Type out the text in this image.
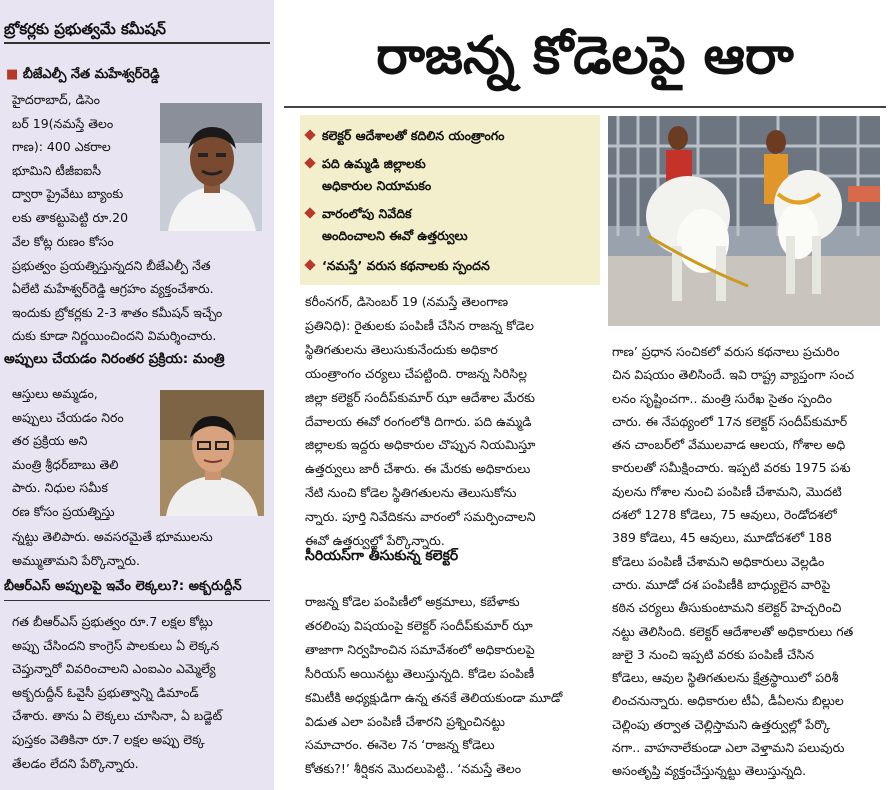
బ్రోకర్లకు ప్రభుత్వమే కమీషన్
■ బీజేఎల్పీ నేత మహేశ్వర్‌రెడ్డి
హైదరాబాద్, డిసెం
బర్ 19(నమస్తే తెలం
గాణ): 400 ఎకరాల
భూమిని టీజీఐఐసీ
ద్వారా ప్రైవేటు బ్యాంకు
లకు తాకట్టుపెట్టి రూ.20
వేల కోట్ల రుణం కోసం
ప్రభుత్వం ప్రయత్నిస్తున్నదని బీజేఎల్పీ నేత
ఏలేటి మహేశ్వర్‌రెడ్డి ఆగ్రహం వ్యక్తంచేశారు.
ఇందుకు బ్రోకర్లకు 2-3 శాతం కమీషన్ ఇచ్చేం
దుకు కూడా నిర్ణయించిందని విమర్శించారు.
అప్పులు చేయడం నిరంతర ప్రక్రియ: మంత్రి
ఆస్తులు అమ్మడం,
అప్పులు చేయడం నిరం
తర ప్రక్రియ అని
మంత్రి శ్రీధర్‌బాబు తెలి
పారు. నిధుల సమీక
రణ కోసం ప్రయత్నిస్తు
న్నట్టు తెలిపారు. అవసరమైతే భూములను
అమ్ముతామని పేర్కొన్నారు.
బీఆర్ఎస్ అప్పులపై ఇవేం లెక్కలు?: అక్బరుద్దీన్
గత బీఆర్ఎస్ ప్రభుత్వం రూ.7 లక్షల కోట్లు
అప్పు చేసిందని కాంగ్రెస్ పాలకులు ఏ లెక్కన
చెప్తున్నారో వివరించాలని ఎంఐఎం ఎమ్మెల్యే
అక్బరుద్దీన్ ఓవైసీ ప్రభుత్వాన్ని డిమాండ్
చేశారు. తాను ఏ లెక్కలు చూసినా, ఏ బడ్జెట్
పుస్తకం వెతికినా రూ.7 లక్షల అప్పు లెక్క
తేలడం లేదని పేర్కొన్నారు.
రాజన్న కోడెలపై ఆరా
కలెక్టర్ ఆదేశాలతో కదిలిన యంత్రాంగం
పది ఉమ్మడి జిల్లాలకు
అధికారుల నియామకం
వారంలోపు నివేదిక
అందించాలని ఈవో ఉత్తర్వులు
‘నమస్తే’ వరుస కథనాలకు స్పందన
కరీంనగర్, డిసెంబర్ 19 (నమస్తే తెలంగాణ
ప్రతినిధి): రైతులకు పంపిణీ చేసిన రాజన్న కోడెల
స్థితిగతులను తెలుసుకునేందుకు అధికార
యంత్రాంగం చర్యలు చేపట్టింది. రాజన్న సిరిసిల్ల
జిల్లా కలెక్టర్ సందీప్‌కుమార్ ఝా ఆదేశాల మేరకు
దేవాలయ ఈవో రంగంలోకి దిగారు. పది ఉమ్మడి
జిల్లాలకు ఇద్దరు అధికారుల చొప్పున నియమిస్తూ
ఉత్తర్వులు జారీ చేశారు. ఈ మేరకు అధికారులు
నేటి నుంచి కోడెల స్థితిగతులను తెలుసుకోను
న్నారు. పూర్తి నివేదికను వారంలో సమర్పించాలని
ఈవో ఉత్తర్వుల్లో పేర్కొన్నారు.
సీరియస్‌గా తీసుకున్న కలెక్టర్
రాజన్న కోడెల పంపిణీలో అక్రమాలు, కబేళాకు
తరలింపు విషయంపై కలెక్టర్ సందీప్‌కుమార్ ఝా
తాజాగా నిర్వహించిన సమావేశంలో అధికారులపై
సీరియస్ అయినట్టు తెలుస్తున్నది. కోడెల పంపిణీ
కమిటీకి అధ్యక్షుడిగా ఉన్న తనకే తెలియకుండా మూడో
విడుత ఎలా పంపిణీ చేశారని ప్రశ్నించినట్టు
సమాచారం. ఈనెల 7న ‘రాజన్న కోడెలు
కోతకు?!’ శీర్షికన మొదలుపెట్టి.. ‘నమస్తే తెలం
గాణ’ ప్రధాన సంచికలో వరుస కథనాలు ప్రచురిం
చిన విషయం తెలిసిందే. ఇవి రాష్ట్ర వ్యాప్తంగా సంచ
లనం సృష్టించగా.. మంత్రి సురేఖ సైతం స్పందిం
చారు. ఈ నేపథ్యంలో 17న కలెక్టర్ సందీప్‌కుమార్
తన చాంబర్‌లో వేములవాడ ఆలయ, గోశాల అధి
కారులతో సమీక్షించారు. ఇప్పటి వరకు 1975 పశు
వులను గోశాల నుంచి పంపిణీ చేశామని, మొదటి
దశలో 1278 కోడెలు, 75 ఆవులు, రెండోదశలో
389 కోడెలు, 45 ఆవులు, మూడోదశలో 188
కోడెలు పంపిణీ చేశామని అధికారులు వెల్లడిం
చారు. మూడో దశ పంపిణీకి బాధ్యులైన వారిపై
కఠిన చర్యలు తీసుకుంటామని కలెక్టర్ హెచ్చరించి
నట్టు తెలిసింది. కలెక్టర్ ఆదేశాలతో అధికారులు గత
జులై 3 నుంచి ఇప్పటి వరకు పంపిణీ చేసిన
కోడెలు, ఆవుల స్థితిగతులను క్షేత్రస్థాయిలో పరిశీ
లించనున్నారు. అధికారుల టీఏ, డీఏలను బిల్లుల
చెల్లింపు తర్వాత చెల్లిస్తామని ఉత్తర్వుల్లో పేర్కొ
నగా.. వాహనాలేకుండా ఎలా వెళ్తామని పలువురు
అసంతృప్తి వ్యక్తంచేస్తున్నట్టు తెలుస్తున్నది.
